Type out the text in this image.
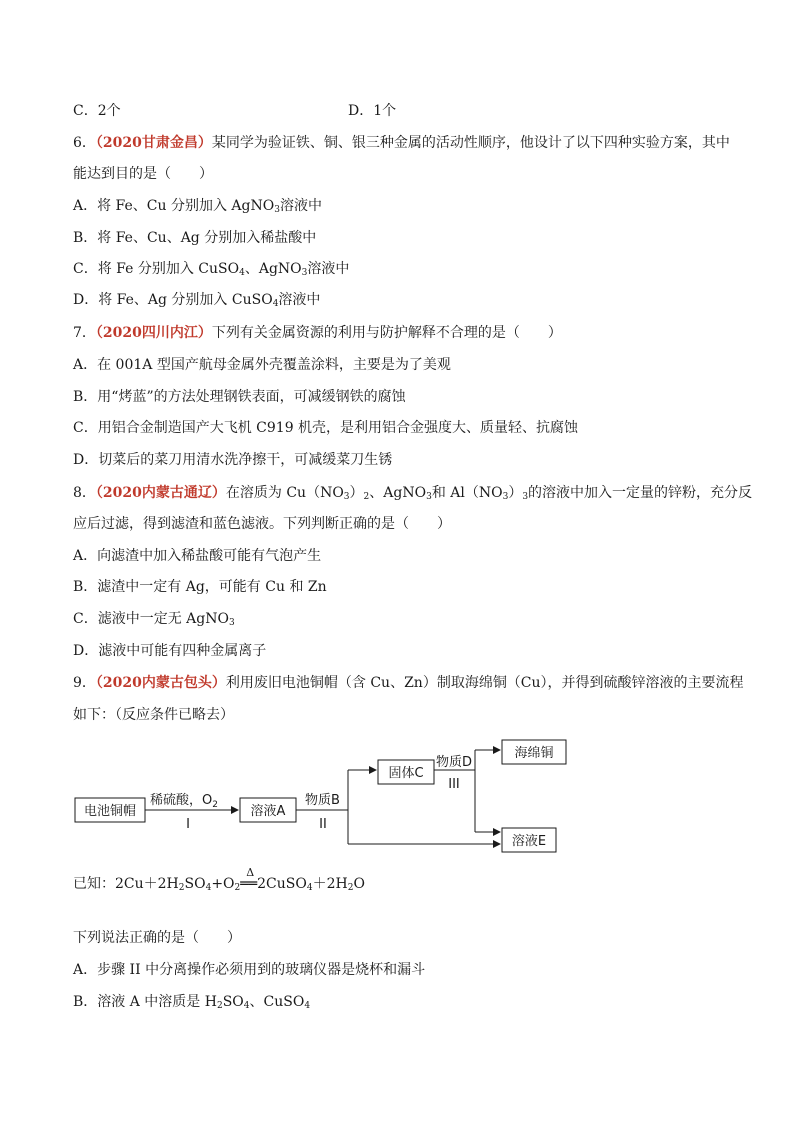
C．2个	D．1个
6．（2020甘肃金昌）某同学为验证铁、铜、银三种金属的活动性顺序，他设计了以下四种实验方案，其中
能达到目的是（　　）
A．将 Fe、Cu 分别加入 AgNO$_3$溶液中
B．将 Fe、Cu、Ag 分别加入稀盐酸中
C．将 Fe 分别加入 CuSO$_4$、AgNO$_3$溶液中
D．将 Fe、Ag 分别加入 CuSO$_4$溶液中
7．（2020四川内江）下列有关金属资源的利用与防护解释不合理的是（　　）
A．在 001A 型国产航母金属外壳覆盖涂料，主要是为了美观
B．用“烤蓝”的方法处理钢铁表面，可减缓钢铁的腐蚀
C．用铝合金制造国产大飞机 C919 机壳，是利用铝合金强度大、质量轻、抗腐蚀
D．切菜后的菜刀用清水洗净擦干，可减缓菜刀生锈
8．（2020内蒙古通辽）在溶质为 $Cu(NO_3)_2$、AgNO$_3$和 $Al(NO_3)_3$的溶液中加入一定量的锌粉，充分反
应后过滤，得到滤渣和蓝色滤液。下列判断正确的是（　　）
A．向滤渣中加入稀盐酸可能有气泡产生
B．滤渣中一定有 Ag，可能有 Cu 和 Zn
C．滤液中一定无 AgNO$_3$
D．滤液中可能有四种金属离子
9．（2020内蒙古包头）利用废旧电池铜帽（含 Cu、Zn）制取海绵铜（Cu），并得到硫酸锌溶液的主要流程
如下：（反应条件已略去）
电池铜帽
稀硫酸，$O_2$
I
溶液A
物质B
II
固体C
物质D
III
海绵铜
溶液E
已知：$2Cu+2H_2SO_4+O_2$
Δ
$══2CuSO_4+2H_2O$
下列说法正确的是（　　）
A．步骤 II 中分离操作必须用到的玻璃仪器是烧杯和漏斗
B．溶液 A 中溶质是 $H_2SO_4$、CuSO$_4$
